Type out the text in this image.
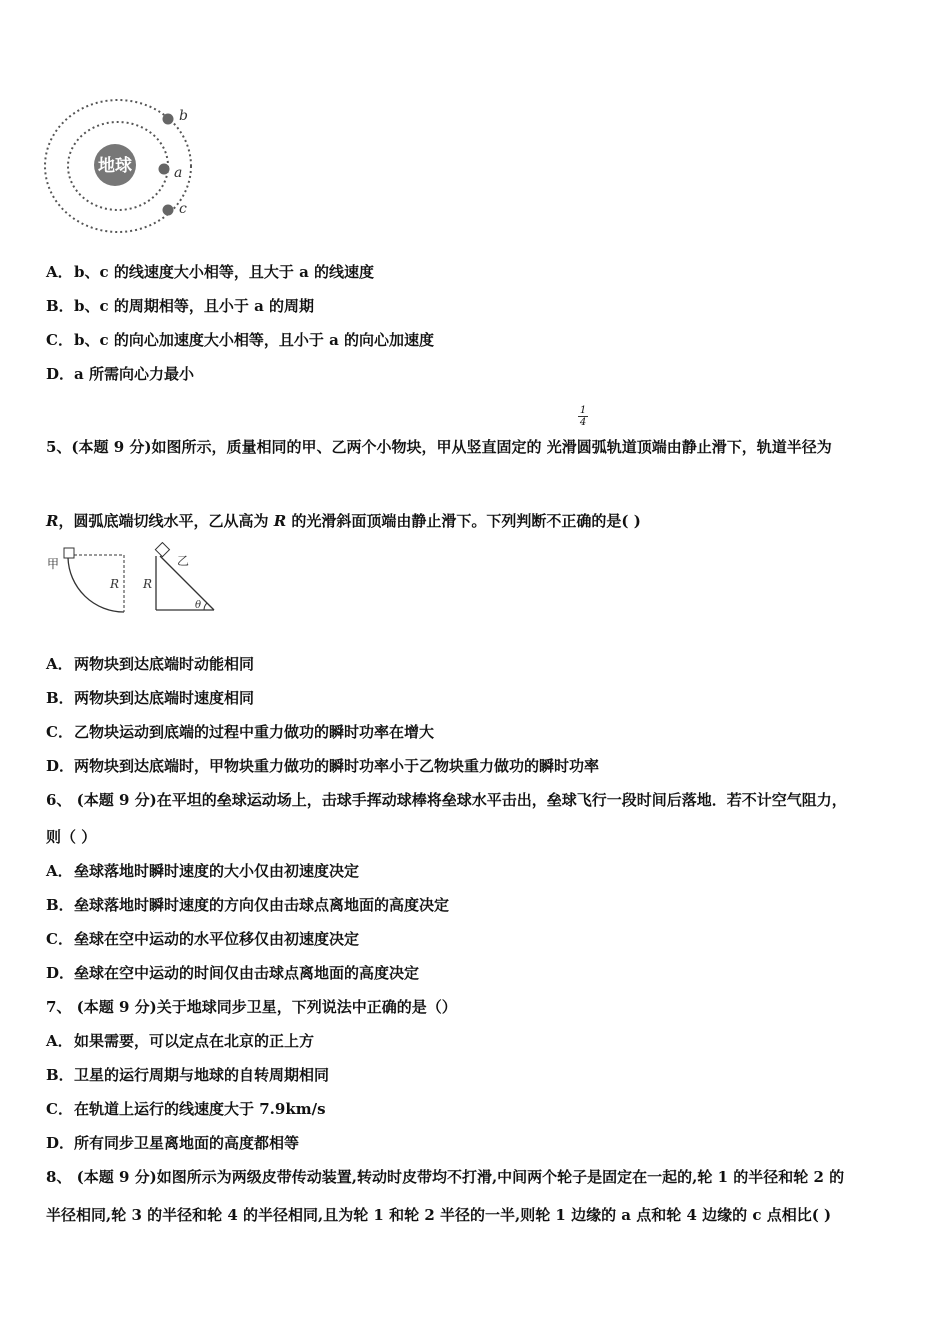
地球
b
a
c
A．b、c 的线速度大小相等，且大于 a 的线速度
B．b、c 的周期相等，且小于 a 的周期
C．b、c 的向心加速度大小相等，且小于 a 的向心加速度
D．a 所需向心力最小
1
4
5、(本题 9 分)如图所示，质量相同的甲、乙两个小物块，甲从竖直固定的 光滑圆弧轨道顶端由静止滑下，轨道半径为
R，圆弧底端切线水平，乙从高为 R 的光滑斜面顶端由静止滑下。下列判断不正确的是( )
甲
R
乙
R
θ
A．两物块到达底端时动能相同
B．两物块到达底端时速度相同
C．乙物块运动到底端的过程中重力做功的瞬时功率在增大
D．两物块到达底端时，甲物块重力做功的瞬时功率小于乙物块重力做功的瞬时功率
6、 (本题 9 分)在平坦的垒球运动场上，击球手挥动球棒将垒球水平击出，垒球飞行一段时间后落地．若不计空气阻力，
则（ ）
A．垒球落地时瞬时速度的大小仅由初速度决定
B．垒球落地时瞬时速度的方向仅由击球点离地面的高度决定
C．垒球在空中运动的水平位移仅由初速度决定
D．垒球在空中运动的时间仅由击球点离地面的高度决定
7、 (本题 9 分)关于地球同步卫星，下列说法中正确的是（）
A．如果需要，可以定点在北京的正上方
B．卫星的运行周期与地球的自转周期相同
C．在轨道上运行的线速度大于 7.9km/s
D．所有同步卫星离地面的高度都相等
8、 (本题 9 分)如图所示为两级皮带传动装置,转动时皮带均不打滑,中间两个轮子是固定在一起的,轮 1 的半径和轮 2 的
半径相同,轮 3 的半径和轮 4 的半径相同,且为轮 1 和轮 2 半径的一半,则轮 1 边缘的 a 点和轮 4 边缘的 c 点相比( )
